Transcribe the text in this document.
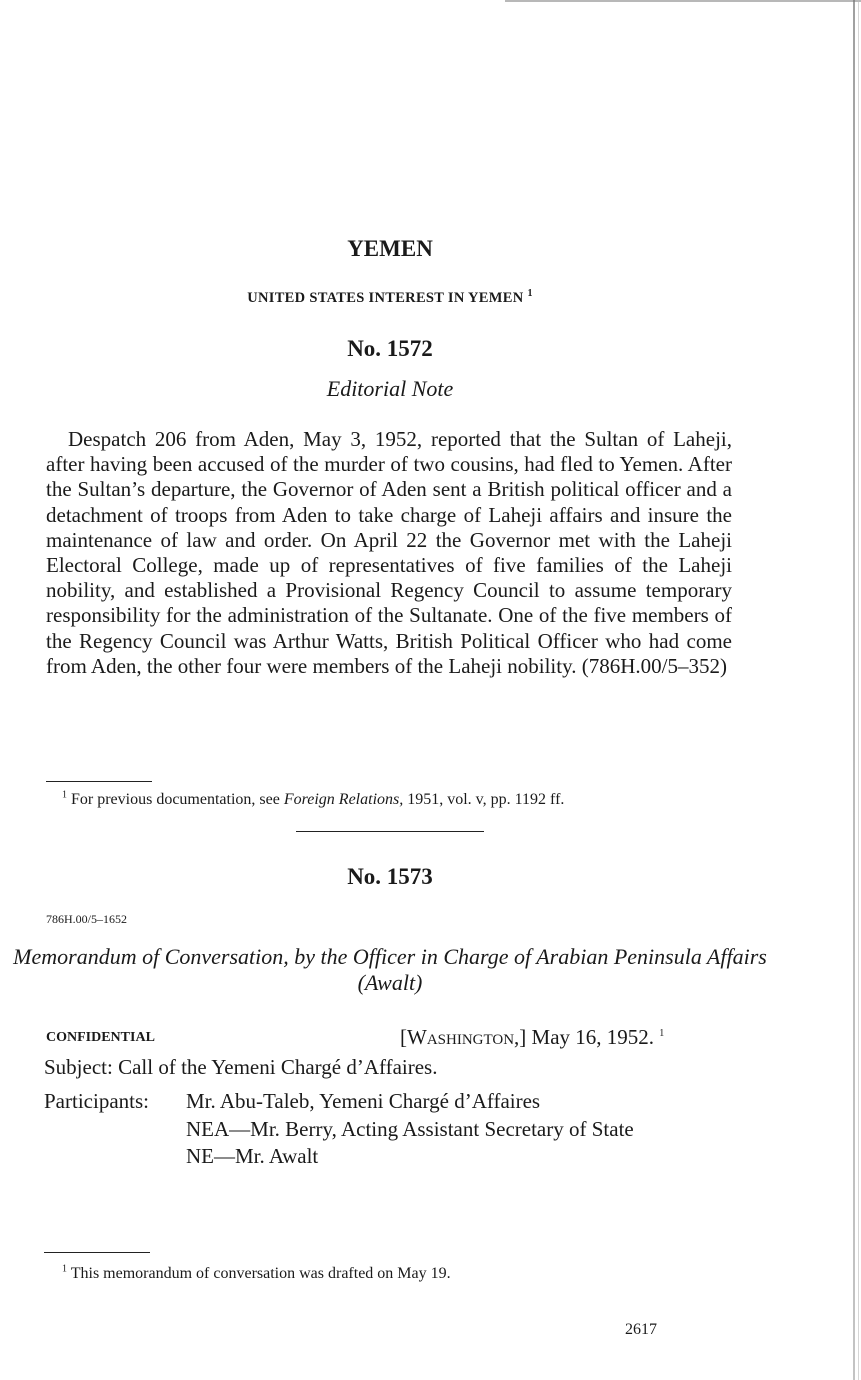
YEMEN
UNITED STATES INTEREST IN YEMEN $^1$
No. 1572
Editorial Note

Despatch 206 from Aden, May 3, 1952, reported that the Sultan of Laheji, after having been accused of the murder of two cousins, had fled to Yemen. After the Sultan’s departure, the Governor of Aden sent a British political officer and a detachment of troops from Aden to take charge of Laheji affairs and insure the maintenance of law and order. On April 22 the Governor met with the Laheji Electoral College, made up of representatives of five families of the Laheji nobility, and established a Provisional Regency Council to assume temporary responsibility for the administration of the Sultanate. One of the five members of the Regency Council was Arthur Watts, British Political Officer who had come from Aden, the other four were members of the Laheji nobility. (786H.00/5–352)

$^1$ For previous documentation, see Foreign Relations, 1951, vol. v, pp. 1192 ff.
No. 1573
786H.00/5–1652
Memorandum of Conversation, by the Officer in Charge of Arabian Peninsula Affairs (Awalt)
CONFIDENTIAL	[Washington,] May 16, 1952. $^1$
Subject: Call of the Yemeni Chargé d’Affaires.
Participants: Mr. Abu-Taleb, Yemeni Chargé d’Affaires
NEA—Mr. Berry, Acting Assistant Secretary of State
NE—Mr. Awalt
$^1$ This memorandum of conversation was drafted on May 19.
2617
